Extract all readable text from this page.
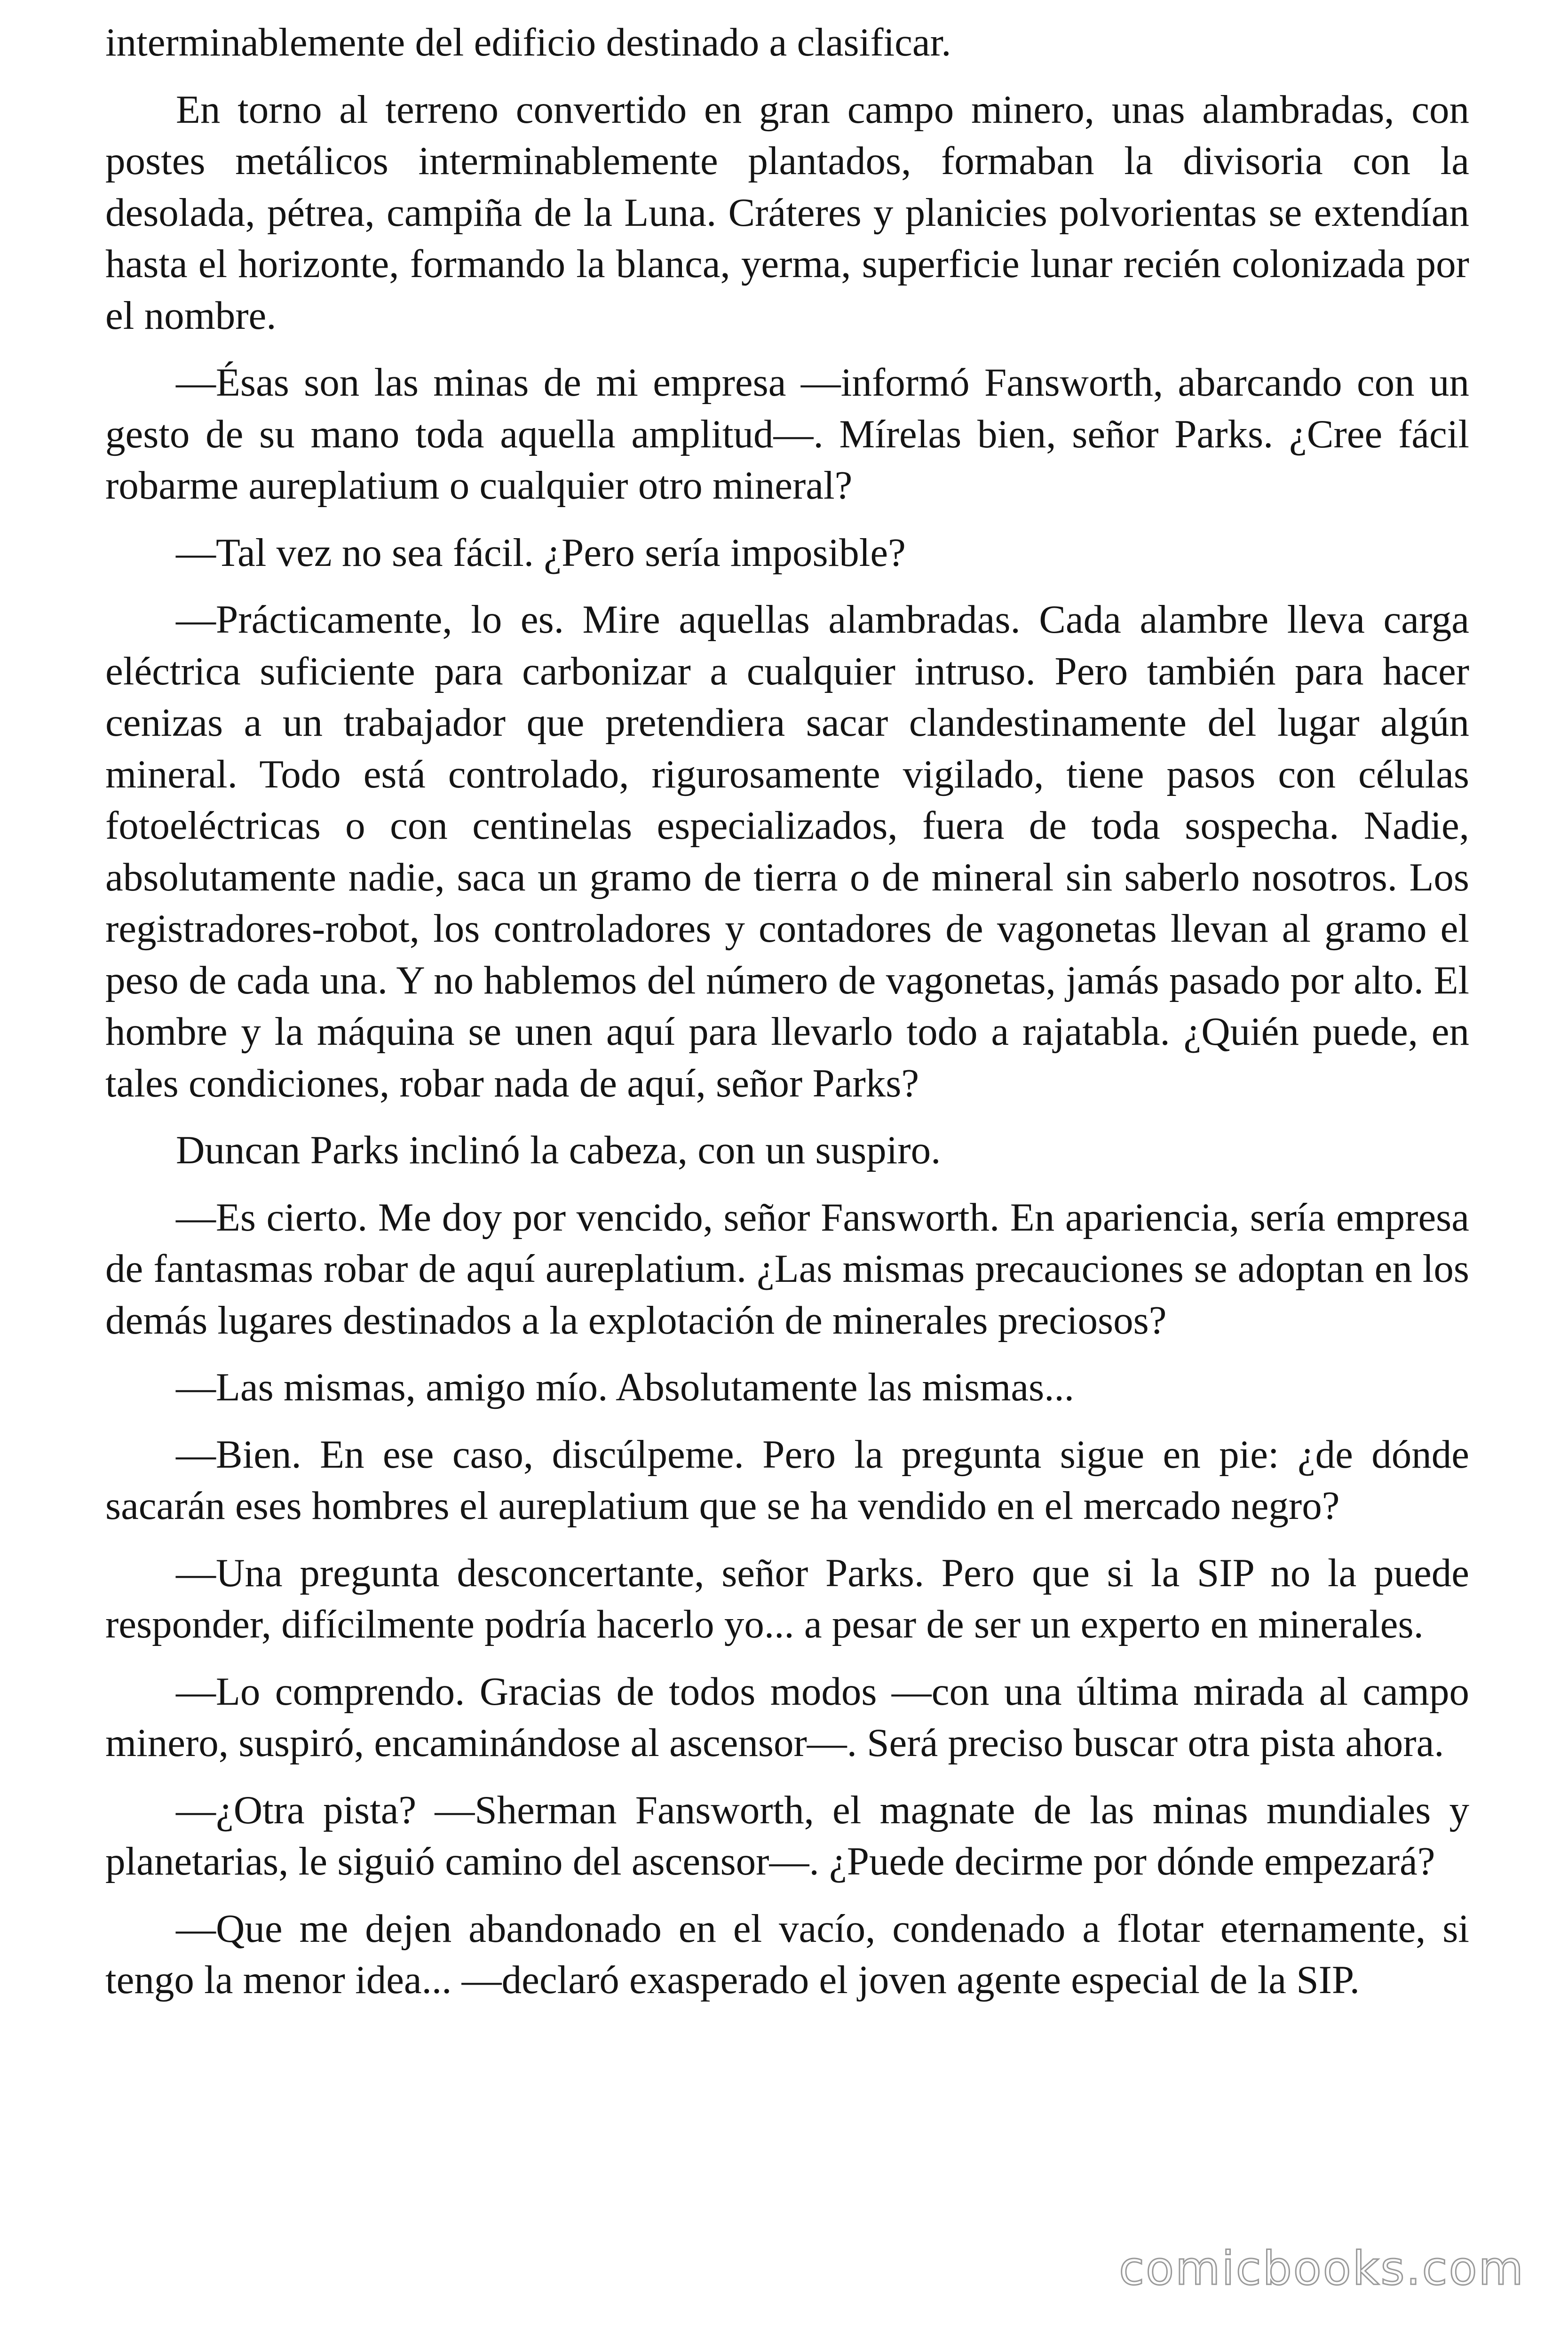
interminablemente del edificio destinado a clasificar.

En torno al terreno convertido en gran campo minero, unas alambradas, con postes metálicos interminablemente plantados, formaban la divisoria con la desolada, pétrea, campiña de la Luna. Cráteres y planicies polvorientas se extendían hasta el horizonte, formando la blanca, yerma, superficie lunar recién colonizada por el nombre.

—Ésas son las minas de mi empresa —informó Fansworth, abarcando con un gesto de su mano toda aquella amplitud—. Mírelas bien, señor Parks. ¿Cree fácil robarme aureplatium o cualquier otro mineral?

—Tal vez no sea fácil. ¿Pero sería imposible?

—Prácticamente, lo es. Mire aquellas alambradas. Cada alambre lleva carga eléctrica suficiente para carbonizar a cualquier intruso. Pero también para hacer cenizas a un trabajador que pretendiera sacar clandestinamente del lugar algún mineral. Todo está controlado, rigurosamente vigilado, tiene pasos con células fotoeléctricas o con centinelas especializados, fuera de toda sospecha. Nadie, absolutamente nadie, saca un gramo de tierra o de mineral sin saberlo nosotros. Los registradores-robot, los controladores y contadores de vagonetas llevan al gramo el peso de cada una. Y no hablemos del número de vagonetas, jamás pasado por alto. El hombre y la máquina se unen aquí para llevarlo todo a rajatabla. ¿Quién puede, en tales condiciones, robar nada de aquí, señor Parks?

Duncan Parks inclinó la cabeza, con un suspiro.

—Es cierto. Me doy por vencido, señor Fansworth. En apariencia, sería empresa de fantasmas robar de aquí aureplatium. ¿Las mismas precauciones se adoptan en los demás lugares destinados a la explotación de minerales preciosos?

—Las mismas, amigo mío. Absolutamente las mismas...

—Bien. En ese caso, discúlpeme. Pero la pregunta sigue en pie: ¿de dónde sacarán eses hombres el aureplatium que se ha vendido en el mercado negro?

—Una pregunta desconcertante, señor Parks. Pero que si la SIP no la puede responder, difícilmente podría hacerlo yo... a pesar de ser un experto en minerales.

—Lo comprendo. Gracias de todos modos —con una última mirada al campo minero, suspiró, encaminándose al ascensor—. Será preciso buscar otra pista ahora.

—¿Otra pista? —Sherman Fansworth, el magnate de las minas mundiales y planetarias, le siguió camino del ascensor—. ¿Puede decirme por dónde empezará?

—Que me dejen abandonado en el vacío, condenado a flotar eternamente, si tengo la menor idea... —declaró exasperado el joven agente especial de la SIP.

comicbooks.com
